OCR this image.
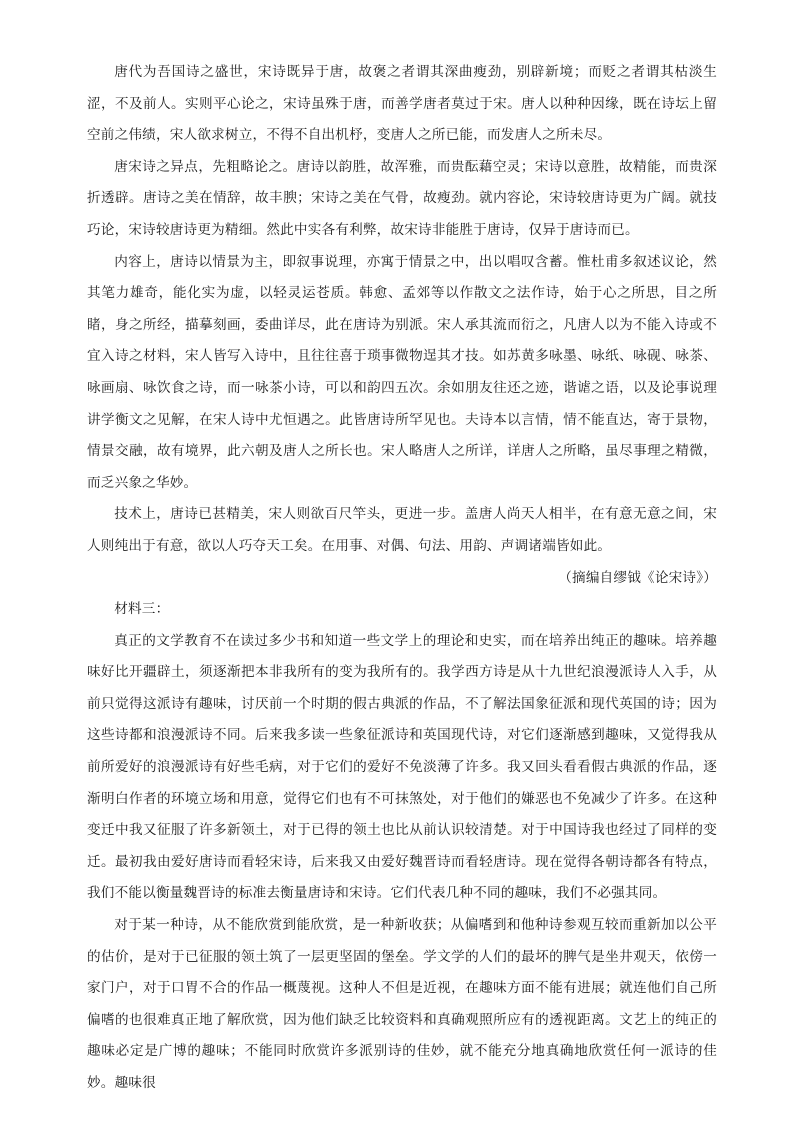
唐代为吾国诗之盛世，宋诗既异于唐，故褒之者谓其深曲瘦劲，别辟新境；而贬之者谓其枯淡生涩，不及前人。实则平心论之，宋诗虽殊于唐，而善学唐者莫过于宋。唐人以种种因缘，既在诗坛上留空前之伟绩，宋人欲求树立，不得不自出机杼，变唐人之所已能，而发唐人之所未尽。

唐宋诗之异点，先粗略论之。唐诗以韵胜，故浑雅，而贵酝藉空灵；宋诗以意胜，故精能，而贵深折透辟。唐诗之美在情辞，故丰腴；宋诗之美在气骨，故瘦劲。就内容论，宋诗较唐诗更为广阔。就技巧论，宋诗较唐诗更为精细。然此中实各有利弊，故宋诗非能胜于唐诗，仅异于唐诗而已。

内容上，唐诗以情景为主，即叙事说理，亦寓于情景之中，出以唱叹含蓄。惟杜甫多叙述议论，然其笔力雄奇，能化实为虚，以轻灵运苍质。韩愈、孟郊等以作散文之法作诗，始于心之所思，目之所睹，身之所经，描摹刻画，委曲详尽，此在唐诗为别派。宋人承其流而衍之，凡唐人以为不能入诗或不宜入诗之材料，宋人皆写入诗中，且往往喜于琐事微物逞其才技。如苏黄多咏墨、咏纸、咏砚、咏茶、咏画扇、咏饮食之诗，而一咏茶小诗，可以和韵四五次。余如朋友往还之迹，谐谑之语，以及论事说理讲学衡文之见解，在宋人诗中尤恒遇之。此皆唐诗所罕见也。夫诗本以言情，情不能直达，寄于景物，情景交融，故有境界，此六朝及唐人之所长也。宋人略唐人之所详，详唐人之所略，虽尽事理之精微，而乏兴象之华妙。

技术上，唐诗已甚精美，宋人则欲百尺竿头，更进一步。盖唐人尚天人相半，在有意无意之间，宋人则纯出于有意，欲以人巧夺天工矣。在用事、对偶、句法、用韵、声调诸端皆如此。

（摘编自缪钺《论宋诗》）

材料三：

真正的文学教育不在读过多少书和知道一些文学上的理论和史实，而在培养出纯正的趣味。培养趣味好比开疆辟土，须逐渐把本非我所有的变为我所有的。我学西方诗是从十九世纪浪漫派诗人入手，从前只觉得这派诗有趣味，讨厌前一个时期的假古典派的作品，不了解法国象征派和现代英国的诗；因为这些诗都和浪漫派诗不同。后来我多读一些象征派诗和英国现代诗，对它们逐渐感到趣味，又觉得我从前所爱好的浪漫派诗有好些毛病，对于它们的爱好不免淡薄了许多。我又回头看看假古典派的作品，逐渐明白作者的环境立场和用意，觉得它们也有不可抹煞处，对于他们的嫌恶也不免减少了许多。在这种变迁中我又征服了许多新领土，对于已得的领土也比从前认识较清楚。对于中国诗我也经过了同样的变迁。最初我由爱好唐诗而看轻宋诗，后来我又由爱好魏晋诗而看轻唐诗。现在觉得各朝诗都各有特点，我们不能以衡量魏晋诗的标准去衡量唐诗和宋诗。它们代表几种不同的趣味，我们不必强其同。

对于某一种诗，从不能欣赏到能欣赏，是一种新收获；从偏嗜到和他种诗参观互较而重新加以公平的估价，是对于已征服的领土筑了一层更坚固的堡垒。学文学的人们的最坏的脾气是坐井观天，依傍一家门户，对于口胃不合的作品一概蔑视。这种人不但是近视，在趣味方面不能有进展；就连他们自己所偏嗜的也很难真正地了解欣赏，因为他们缺乏比较资料和真确观照所应有的透视距离。文艺上的纯正的趣味必定是广博的趣味；不能同时欣赏许多派别诗的佳妙，就不能充分地真确地欣赏任何一派诗的佳妙。趣味很
